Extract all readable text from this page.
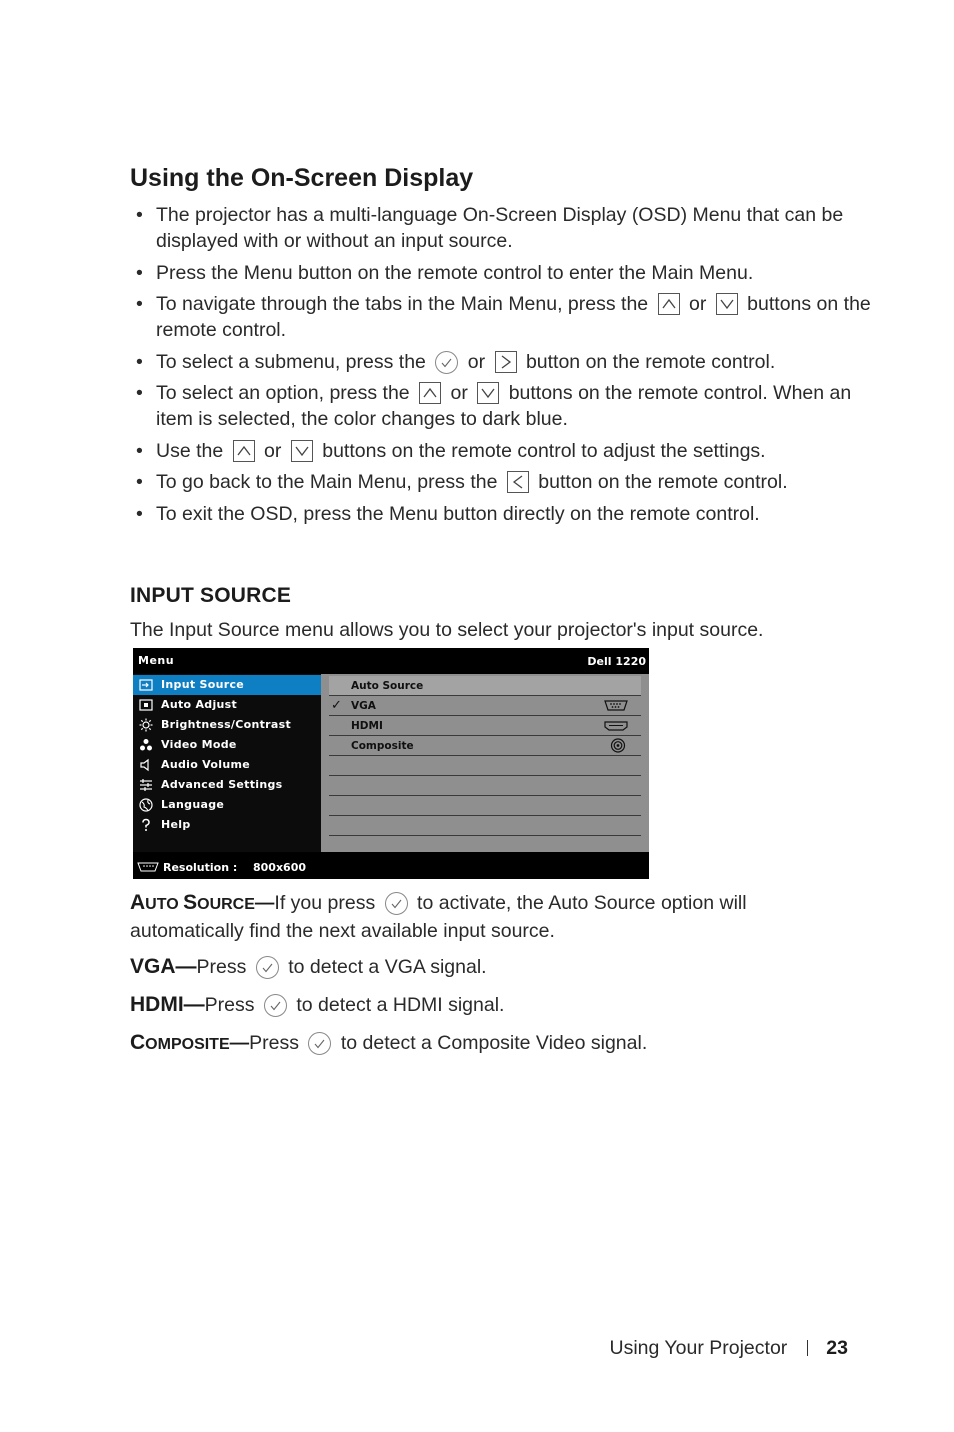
Using the On-Screen Display
• The projector has a multi-language On-Screen Display (OSD) Menu that can be displayed with or without an input source.
• Press the Menu button on the remote control to enter the Main Menu.
• To navigate through the tabs in the Main Menu, press the or buttons on the remote control.
• To select a submenu, press the or button on the remote control.
• To select an option, press the or buttons on the remote control. When an item is selected, the color changes to dark blue.
• Use the or buttons on the remote control to adjust the settings.
• To go back to the Main Menu, press the button on the remote control.
• To exit the OSD, press the Menu button directly on the remote control.
INPUT SOURCE

The Input Source menu allows you to select your projector's input source.

Menu	Dell 1220
Input Source
Auto Adjust
Brightness/Contrast
Video Mode
Audio Volume
Advanced Settings
Language
Help
Auto Source
✓ VGA
HDMI
Composite
Resolution : 800x600

AUTO SOURCE—If you press to activate, the Auto Source option will automatically find the next available input source.

VGA—Press to detect a VGA signal.

HDMI—Press to detect a HDMI signal.

COMPOSITE—Press to detect a Composite Video signal.

Using Your Projector 23
